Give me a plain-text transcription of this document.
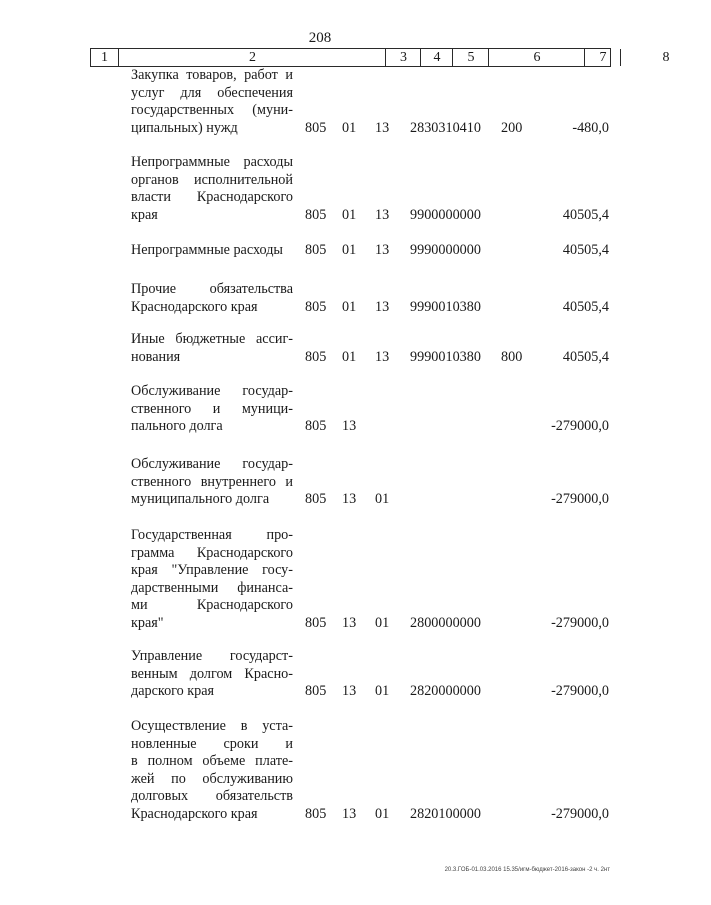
208
1	2	3	4	5	6	7	8
Закупка товаров, работ и
услуг для обеспечения
государственных (муни-
ципальных) нужд	805 01 13 2830310410 200	-480,0
Непрограммные расходы
органов исполнительной
власти Краснодарского
края	805 01 13 9900000000	40505,4
Непрограммные расходы	805 01 13 9990000000	40505,4
Прочие обязательства
Краснодарского края	805 01 13 9990010380	40505,4
Иные бюджетные ассиг-
нования	805 01 13 9990010380 800	40505,4
Обслуживание государ-
ственного и муници-
пального долга	805 13	-279000,0
Обслуживание государ-
ственного внутреннего и
муниципального долга	805 13 01	-279000,0
Государственная про-
грамма Краснодарского
края "Управление госу-
дарственными финанса-
ми Краснодарского
края"	805 13 01 2800000000	-279000,0
Управление государст-
венным долгом Красно-
дарского края	805 13 01 2820000000	-279000,0
Осуществление в уста-
новленные сроки и
в полном объеме плате-
жей по обслуживанию
долговых обязательств
Краснодарского края	805 13 01 2820100000	-279000,0
20.3.ГОБ-01.03.2016 15.35/игм-бюджет-2016-закон -2 ч. 2нт
